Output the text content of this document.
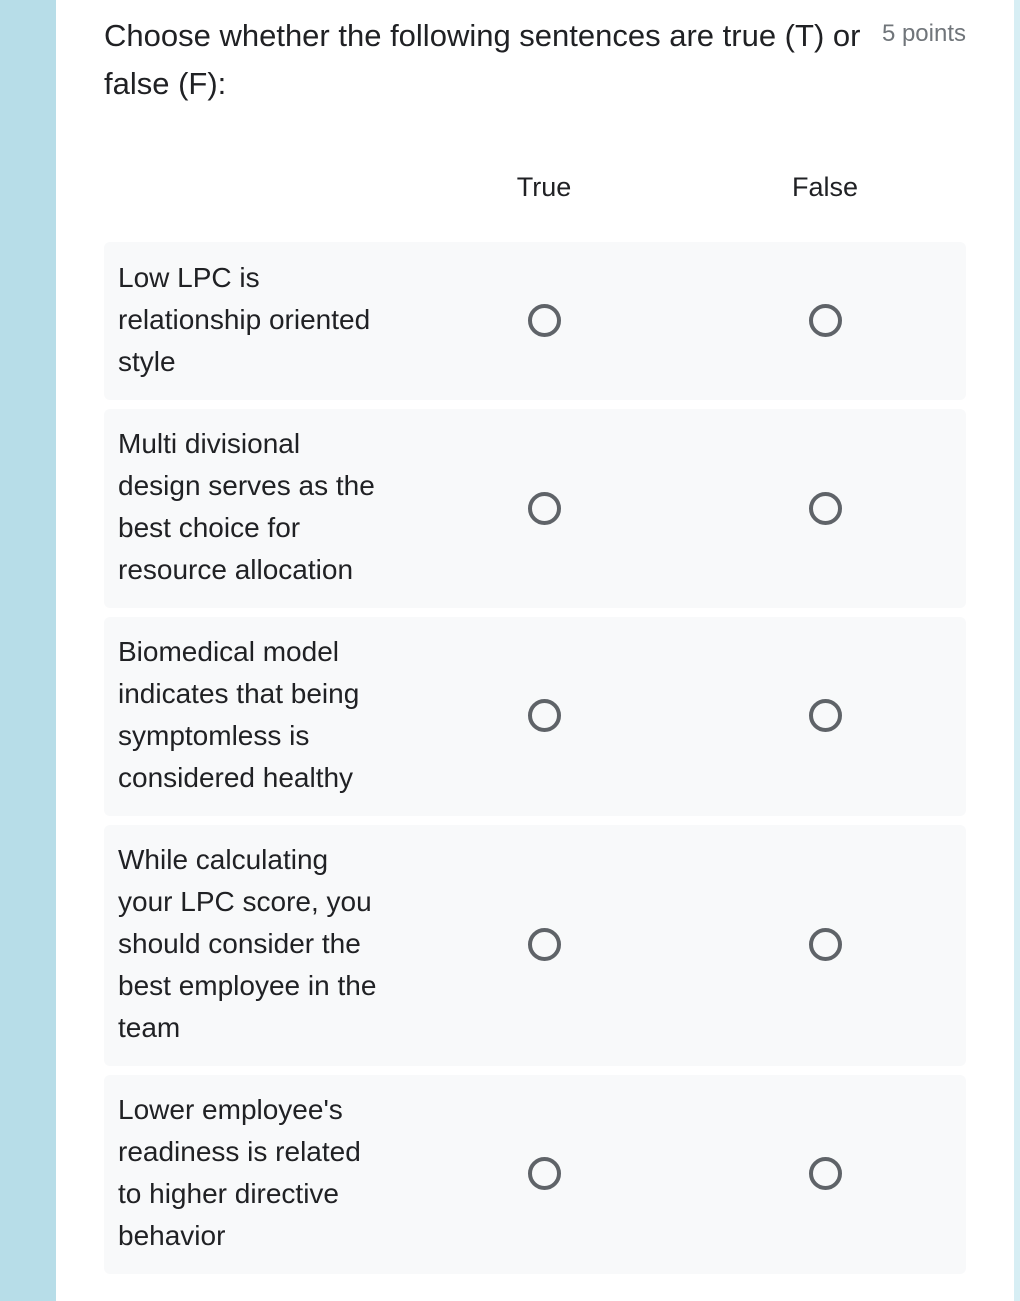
Choose whether the following sentences are true (T) or false (F):
5 points
True	False
Low LPC is relationship oriented style
Multi divisional design serves as the best choice for resource allocation
Biomedical model indicates that being symptomless is considered healthy
While calculating your LPC score, you should consider the best employee in the team
Lower employee's readiness is related to higher directive behavior
